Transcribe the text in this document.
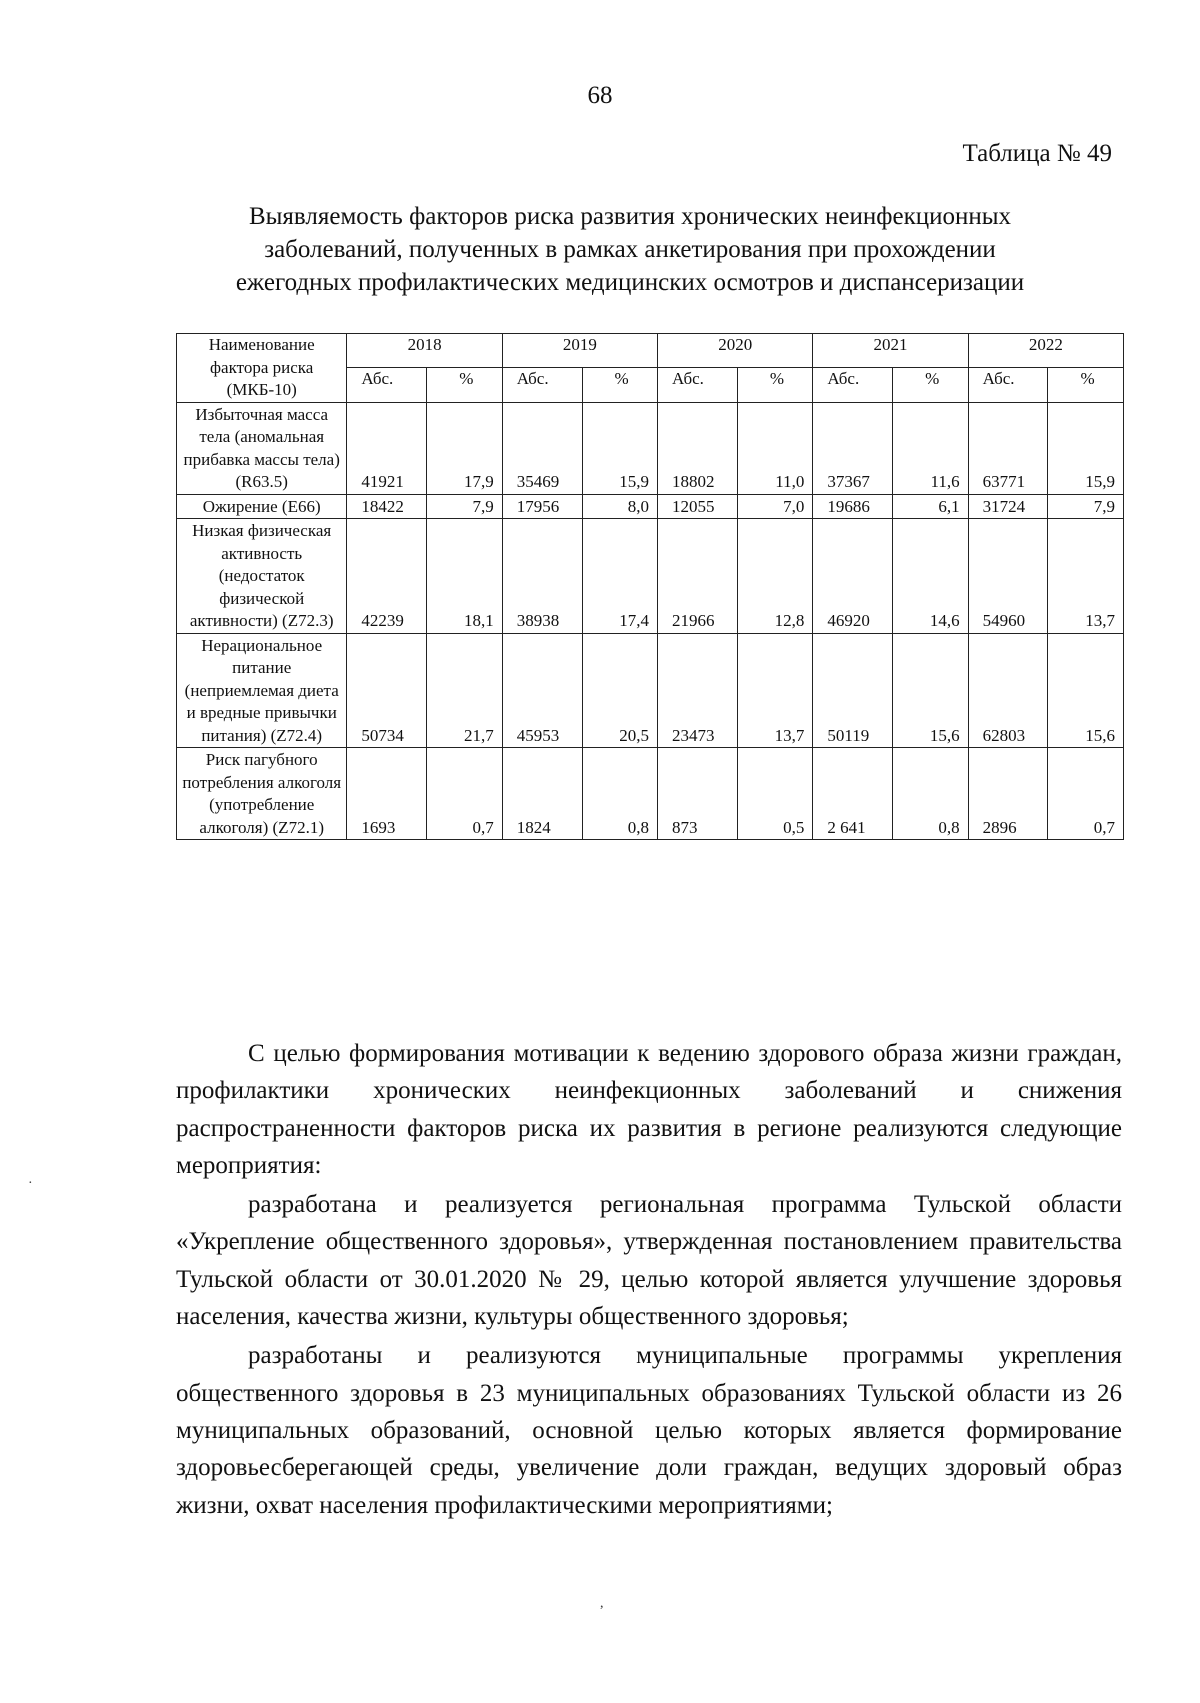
68
Таблица № 49
Выявляемость факторов риска развития хронических неинфекционных
заболеваний, полученных в рамках анкетирования при прохождении
ежегодных профилактических медицинских осмотров и диспансеризации
Наименование фактора риска (МКБ-10)	2018		2019		2020		2021		2022	
	Абс.	%	Абс.	%	Абс.	%	Абс.	%	Абс.	%
Избыточная масса тела (аномальная прибавка массы тела) (R63.5)	41921	17,9	35469	15,9	18802	11,0	37367	11,6	63771	15,9
Ожирение (E66)	18422	7,9	17956	8,0	12055	7,0	19686	6,1	31724	7,9
Низкая физическая активность (недостаток физической активности) (Z72.3)	42239	18,1	38938	17,4	21966	12,8	46920	14,6	54960	13,7
Нерациональное питание (неприемлемая диета и вредные привычки питания) (Z72.4)	50734	21,7	45953	20,5	23473	13,7	50119	15,6	62803	15,6
Риск пагубного потребления алкоголя (употребление алкоголя) (Z72.1)	1693	0,7	1824	0,8	873	0,5	2 641	0,8	2896	0,7

С целью формирования мотивации к ведению здорового образа жизни граждан, профилактики хронических неинфекционных заболеваний и снижения распространенности факторов риска их развития в регионе реализуются следующие мероприятия:

разработана и реализуется региональная программа Тульской области «Укрепление общественного здоровья», утвержденная постановлением правительства Тульской области от 30.01.2020 № 29, целью которой является улучшение здоровья населения, качества жизни, культуры общественного здоровья;

разработаны и реализуются муниципальные программы укрепления общественного здоровья в 23 муниципальных образованиях Тульской области из 26 муниципальных образований, основной целью которых является формирование здоровьесберегающей среды, увеличение доли граждан, ведущих здоровый образ жизни, охват населения профилактическими мероприятиями;

·
,
